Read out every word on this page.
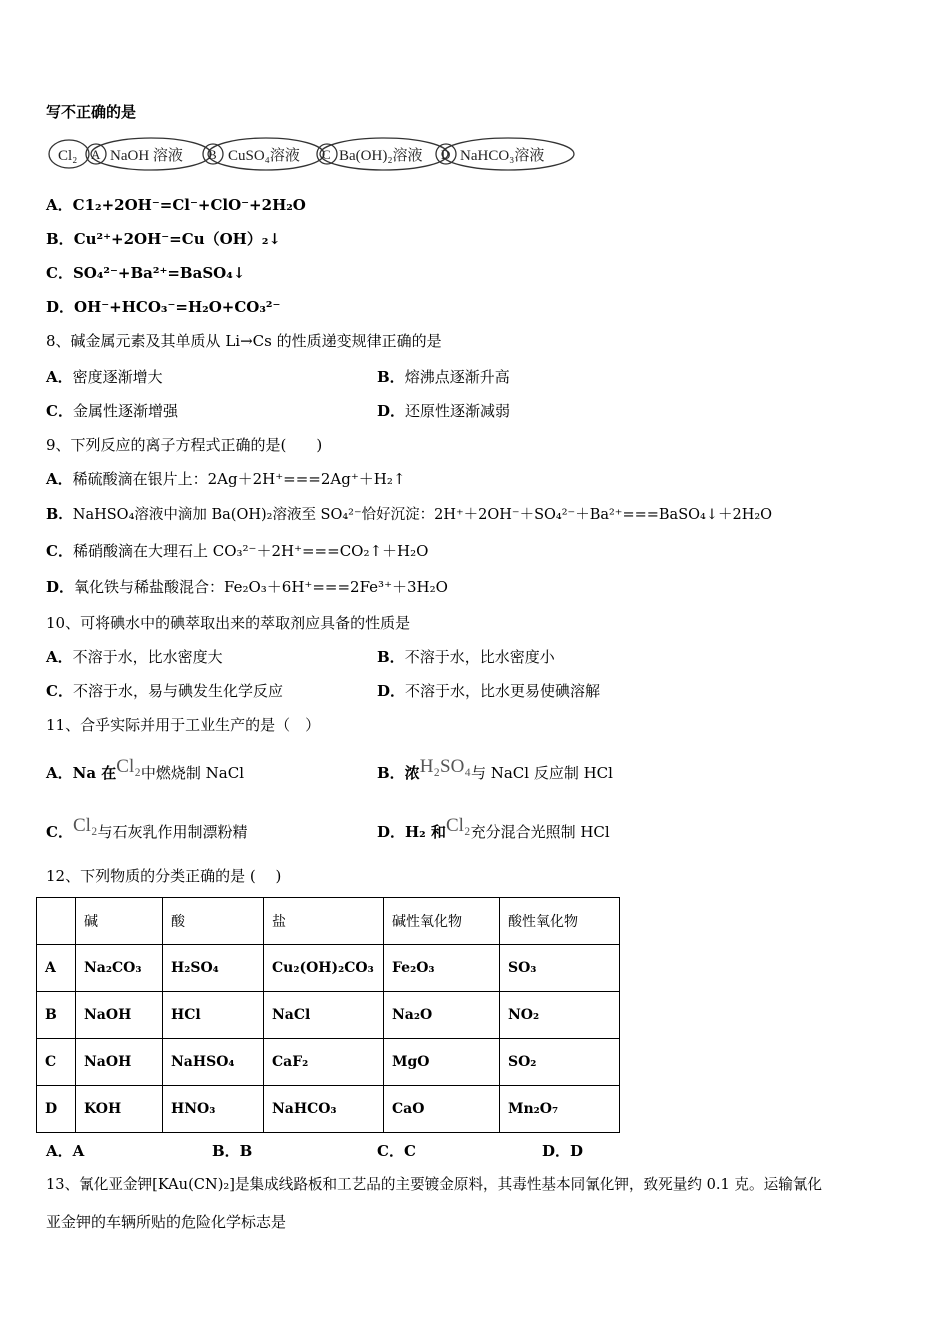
写不正确的是
Cl₂ A NaOH 溶液 B CuSO₄溶液 C Ba(OH)₂溶液 D NaHCO₃溶液
A．C1₂+2OH⁻=Cl⁻+ClO⁻+2H₂O
B．Cu²⁺+2OH⁻=Cu（OH）₂↓
C．SO₄²⁻+Ba²⁺=BaSO₄↓
D．OH⁻+HCO₃⁻=H₂O+CO₃²⁻
8、碱金属元素及其单质从 Li→Cs 的性质递变规律正确的是
A．密度逐渐增大	B．熔沸点逐渐升高
C．金属性逐渐增强	D．还原性逐渐减弱
9、下列反应的离子方程式正确的是(　　)
A．稀硫酸滴在银片上：2Ag＋2H⁺===2Ag⁺＋H₂↑
B．NaHSO₄溶液中滴加 Ba(OH)₂溶液至 SO₄²⁻恰好沉淀：2H⁺＋2OH⁻＋SO₄²⁻＋Ba²⁺===BaSO₄↓＋2H₂O
C．稀硝酸滴在大理石上 CO₃²⁻＋2H⁺===CO₂↑＋H₂O
D．氧化铁与稀盐酸混合：Fe₂O₃＋6H⁺===2Fe³⁺＋3H₂O
10、可将碘水中的碘萃取出来的萃取剂应具备的性质是
A．不溶于水，比水密度大	B．不溶于水，比水密度小
C．不溶于水，易与碘发生化学反应	D．不溶于水，比水更易使碘溶解
11、合乎实际并用于工业生产的是（　）
A．Na 在Cl₂中燃烧制 NaCl	B．浓H₂SO₄与 NaCl 反应制 HCl
C．Cl₂与石灰乳作用制漂粉精	D．H₂ 和Cl₂充分混合光照制 HCl
12、下列物质的分类正确的是 (　 )
	碱	酸	盐	碱性氧化物	酸性氧化物
A	Na₂CO₃	H₂SO₄	Cu₂(OH)₂CO₃	Fe₂O₃	SO₃
B	NaOH	HCl	NaCl	Na₂O	NO₂
C	NaOH	NaHSO₄	CaF₂	MgO	SO₂
D	KOH	HNO₃	NaHCO₃	CaO	Mn₂O₇
A．A	B．B	C．C	D．D
13、氰化亚金钾[KAu(CN)₂]是集成线路板和工艺品的主要镀金原料，其毒性基本同氰化钾，致死量约 0.1 克。运输氰化
亚金钾的车辆所贴的危险化学标志是
